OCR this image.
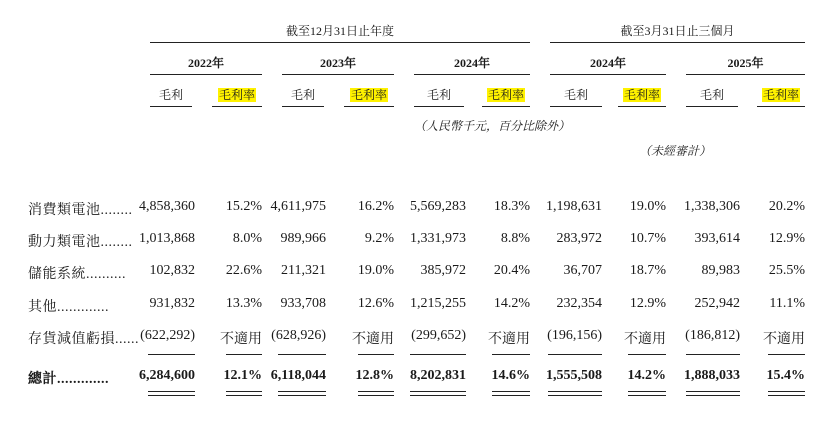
截至12月31日止年度	截至3月31日止三個月
2022年	2023年	2024年	2024年	2025年
毛利	毛利率	毛利	毛利率	毛利	毛利率	毛利	毛利率	毛利	毛利率
（人民幣千元，百分比除外）
（未經審計）
消費類電池........ 4,858,360	15.2% 4,611,975	16.2%	5,569,283	18.3%	1,198,631	19.0%	1,338,306	20.2%
動力類電池........ 1,013,868	8.0%	989,966	9.2%	1,331,973	8.8%	283,972	10.7%	393,614	12.9%
儲能系統..........	102,832	22.6%	211,321	19.0%	385,972	20.4%	36,707	18.7%	89,983	25.5%
其他.............	931,832	13.3%	933,708	12.6%	1,215,255	14.2%	232,354	12.9%	252,942	11.1%
存貨減值虧損...... (622,292)	不適用 (628,926)	不適用	(299,652)	不適用	(196,156)	不適用	(186,812)	不適用
總計.............	6,284,600	12.1% 6,118,044	12.8%	8,202,831	14.6%	1,555,508	14.2%	1,888,033	15.4%
